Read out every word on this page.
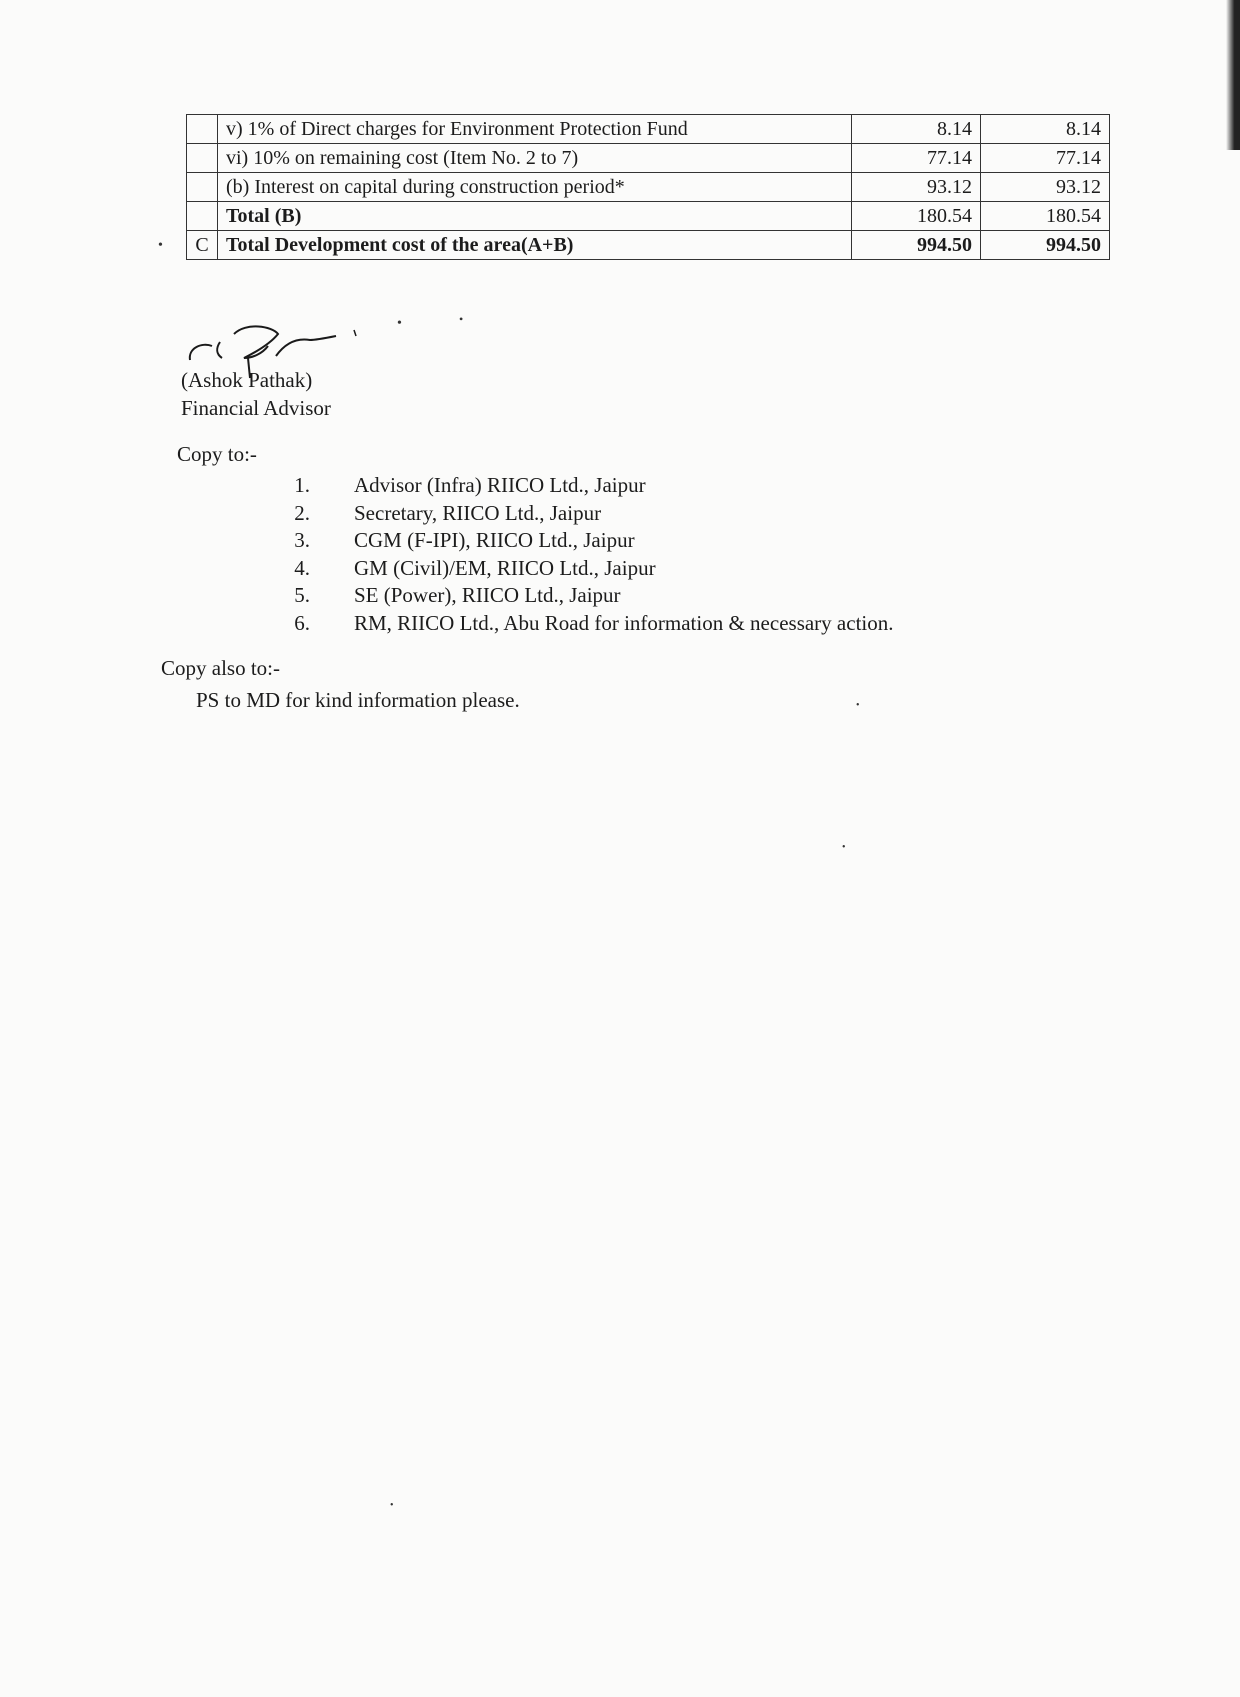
	v) 1% of Direct charges for Environment Protection Fund	8.14	8.14
	vi) 10% on remaining cost (Item No. 2 to 7)	77.14	77.14
	(b) Interest on capital during construction period*	93.12	93.12
	Total (B)	180.54	180.54
C	Total Development cost of the area(A+B)	994.50	994.50
•
•	•
(Ashok Pathak)
Financial Advisor
Copy to:-
1. Advisor (Infra) RIICO Ltd., Jaipur
2. Secretary, RIICO Ltd., Jaipur
3. CGM (F-IPI), RIICO Ltd., Jaipur
4. GM (Civil)/EM, RIICO Ltd., Jaipur
5. SE (Power), RIICO Ltd., Jaipur
6. RM, RIICO Ltd., Abu Road for information & necessary action.
Copy also to:-
PS to MD for kind information please.	•
•
•
